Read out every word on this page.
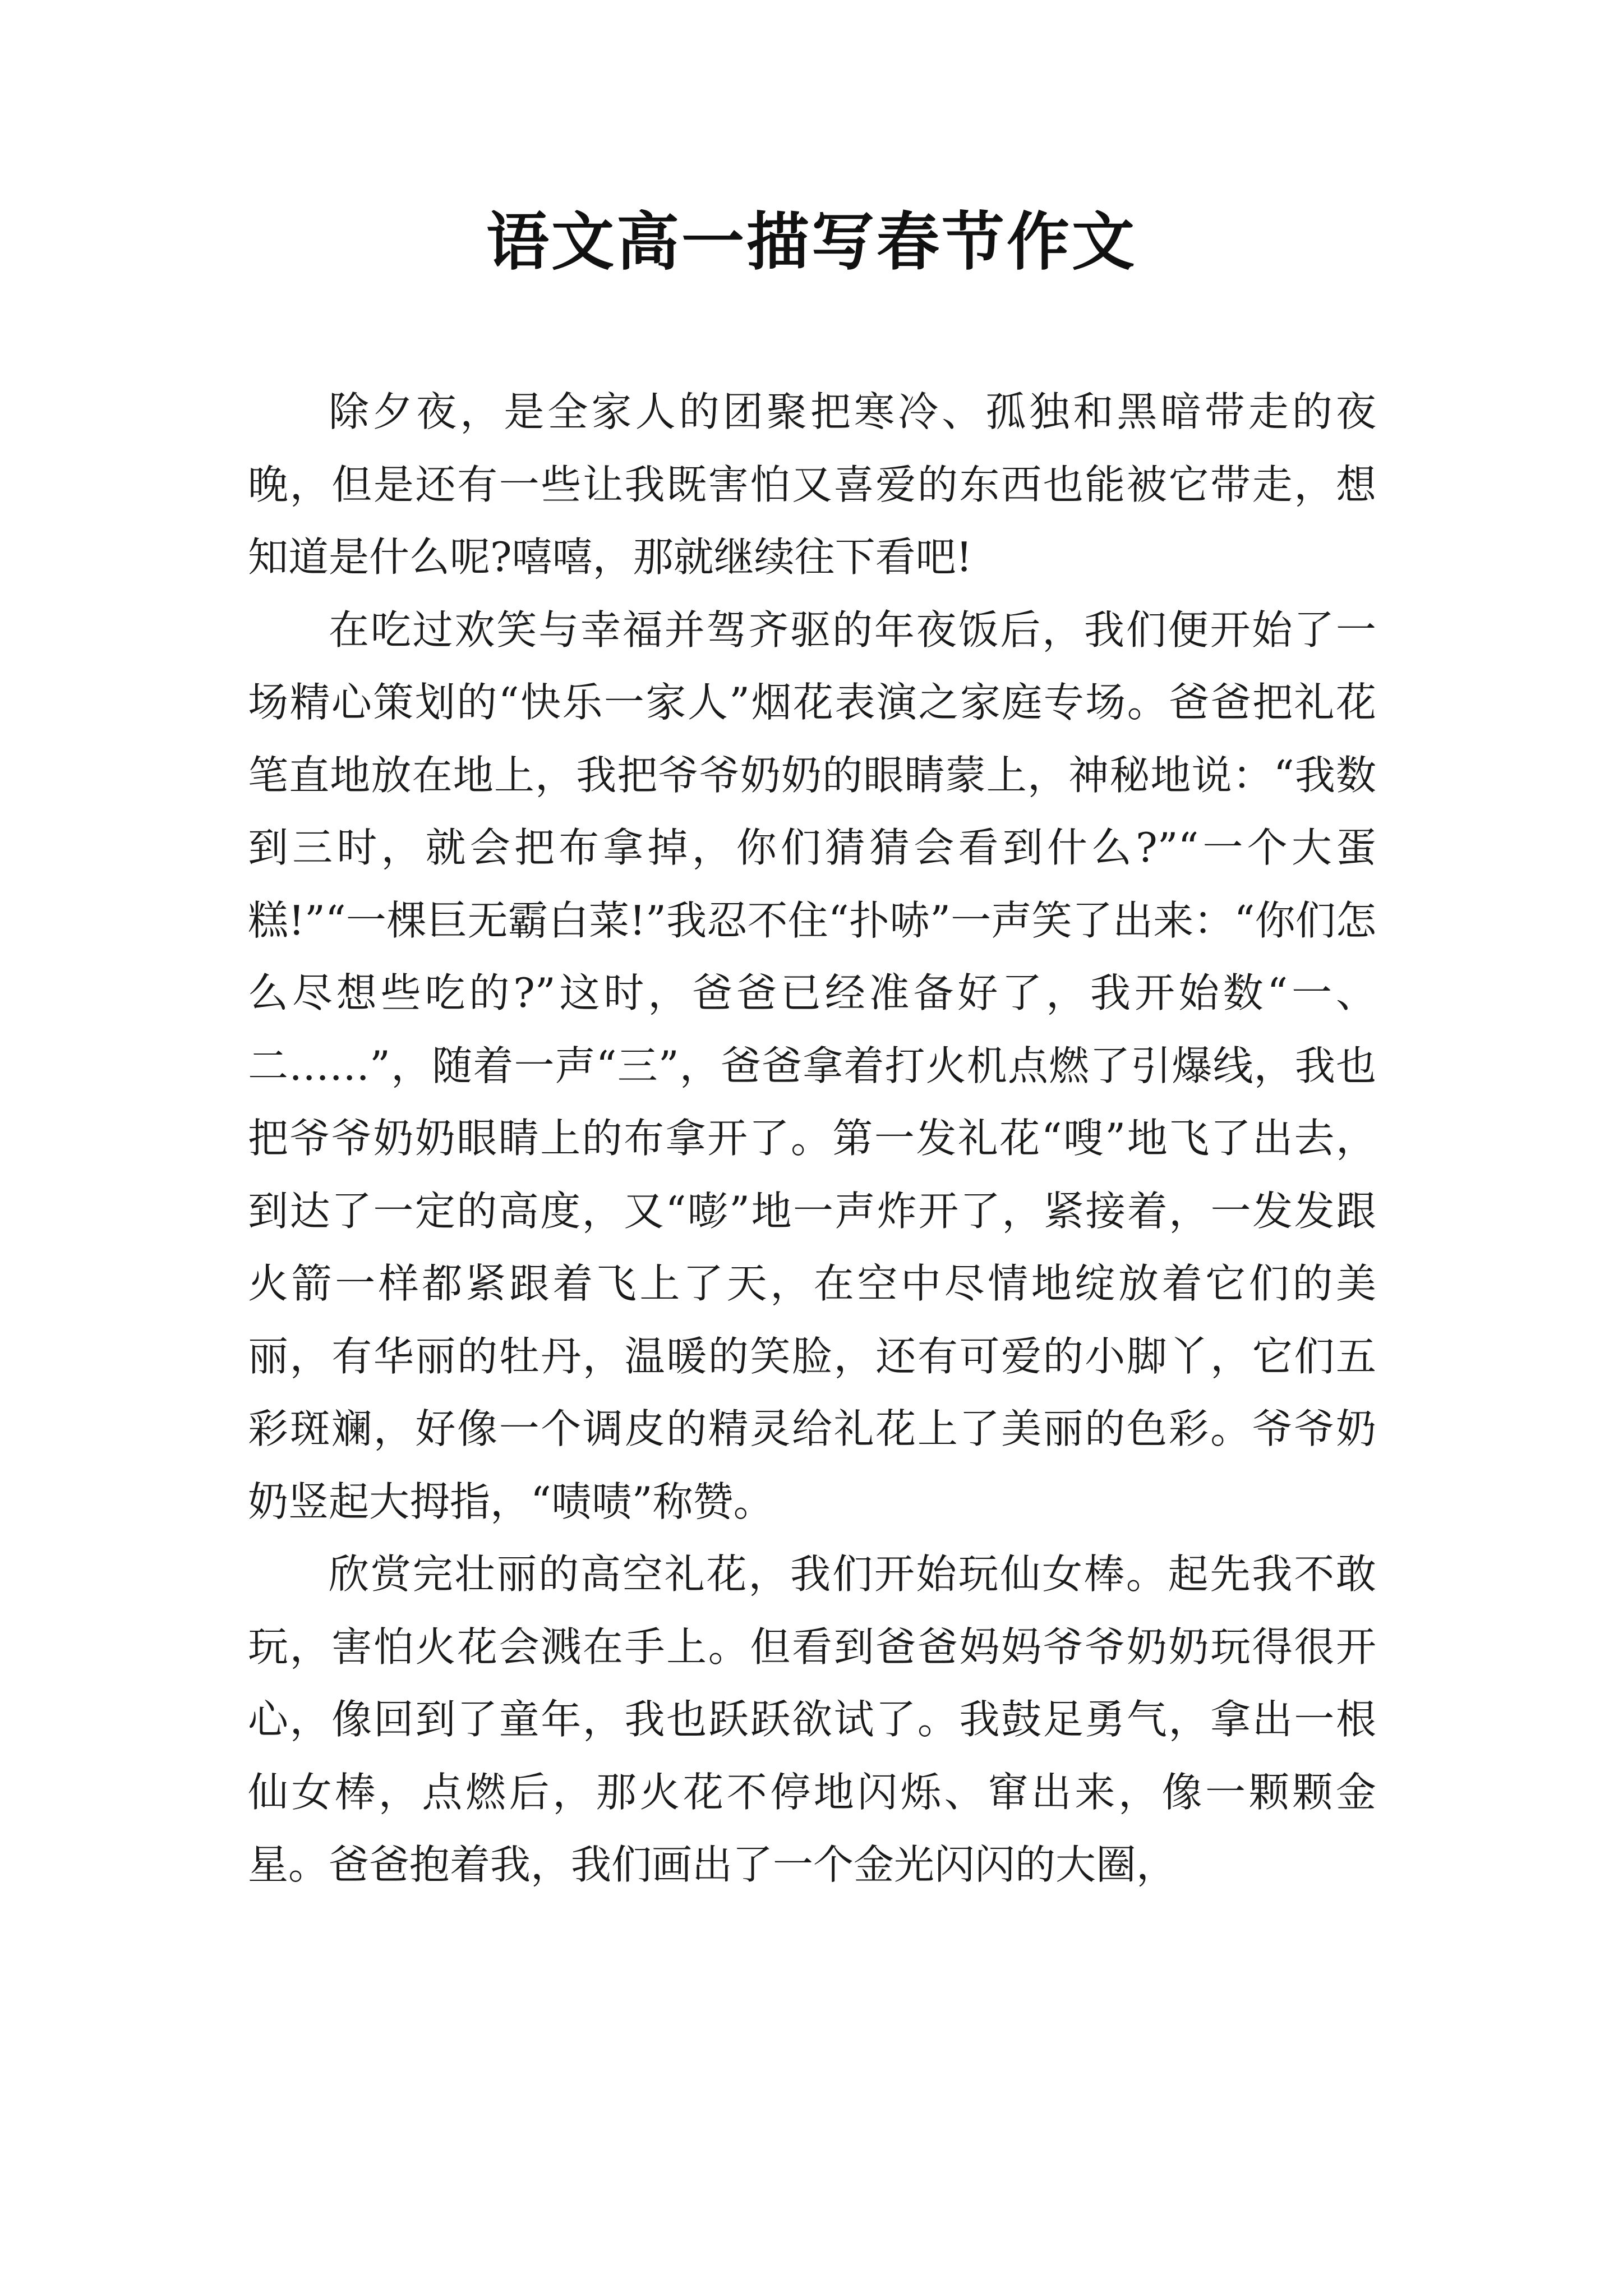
语文高一描写春节作文

除夕夜，是全家人的团聚把寒冷、孤独和黑暗带走的夜晚，但是还有一些让我既害怕又喜爱的东西也能被它带走，想知道是什么呢?嘻嘻，那就继续往下看吧!

在吃过欢笑与幸福并驾齐驱的年夜饭后，我们便开始了一场精心策划的“快乐一家人”烟花表演之家庭专场。爸爸把礼花笔直地放在地上，我把爷爷奶奶的眼睛蒙上，神秘地说：“我数到三时，就会把布拿掉，你们猜猜会看到什么?”“一个大蛋糕!”“一棵巨无霸白菜!”我忍不住“扑哧”一声笑了出来：“你们怎么尽想些吃的?”这时，爸爸已经准备好了，我开始数“一、二……”，随着一声“三”，爸爸拿着打火机点燃了引爆线，我也把爷爷奶奶眼睛上的布拿开了。第一发礼花“嗖”地飞了出去，到达了一定的高度，又“嘭”地一声炸开了，紧接着，一发发跟火箭一样都紧跟着飞上了天，在空中尽情地绽放着它们的美丽，有华丽的牡丹，温暖的笑脸，还有可爱的小脚丫，它们五彩斑斓，好像一个调皮的精灵给礼花上了美丽的色彩。爷爷奶奶竖起大拇指，“啧啧”称赞。

欣赏完壮丽的高空礼花，我们开始玩仙女棒。起先我不敢玩，害怕火花会溅在手上。但看到爸爸妈妈爷爷奶奶玩得很开心，像回到了童年，我也跃跃欲试了。我鼓足勇气，拿出一根仙女棒，点燃后，那火花不停地闪烁、窜出来，像一颗颗金星。爸爸抱着我，我们画出了一个金光闪闪的大圈，
